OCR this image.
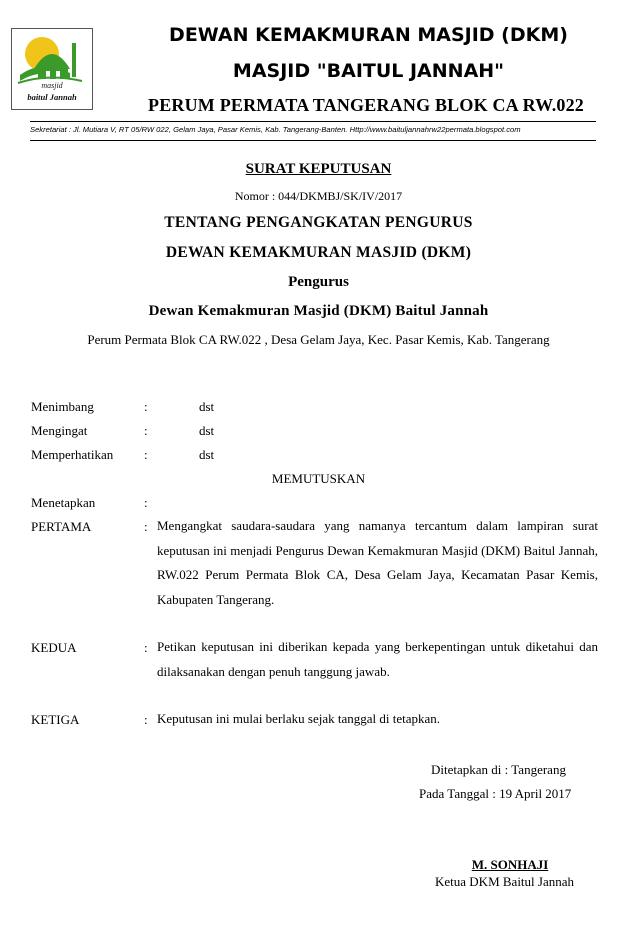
masjid
baitul Jannah
DEWAN KEMAKMURAN MASJID (DKM)
MASJID "BAITUL JANNAH"
PERUM PERMATA TANGERANG BLOK CA RW.022
Sekretariat : Jl. Mutiara V, RT 05/RW 022, Gelam Jaya, Pasar Kemis, Kab. Tangerang-Banten. Http://www.baituljannahrw22permata.blogspot.com
SURAT KEPUTUSAN
Nomor : 044/DKMBJ/SK/IV/2017
TENTANG PENGANGKATAN PENGURUS
DEWAN KEMAKMURAN MASJID (DKM)
Pengurus
Dewan Kemakmuran Masjid (DKM) Baitul Jannah
Perum Permata Blok CA RW.022 , Desa Gelam Jaya, Kec. Pasar Kemis, Kab. Tangerang
Menimbang	:	dst
Mengingat	:	dst
Memperhatikan :	dst
MEMUTUSKAN
Menetapkan	:
PERTAMA	: Mengangkat saudara-saudara yang namanya tercantum dalam lampiran surat keputusan ini menjadi Pengurus Dewan Kemakmuran Masjid (DKM) Baitul Jannah, RW.022 Perum Permata Blok CA, Desa Gelam Jaya, Kecamatan Pasar Kemis, Kabupaten Tangerang.
KEDUA	: Petikan keputusan ini diberikan kepada yang berkepentingan untuk diketahui dan dilaksanakan dengan penuh tanggung jawab.
KETIGA	: Keputusan ini mulai berlaku sejak tanggal di tetapkan.
Ditetapkan di : Tangerang
Pada Tanggal : 19 April 2017
M. SONHAJI
Ketua DKM Baitul Jannah
